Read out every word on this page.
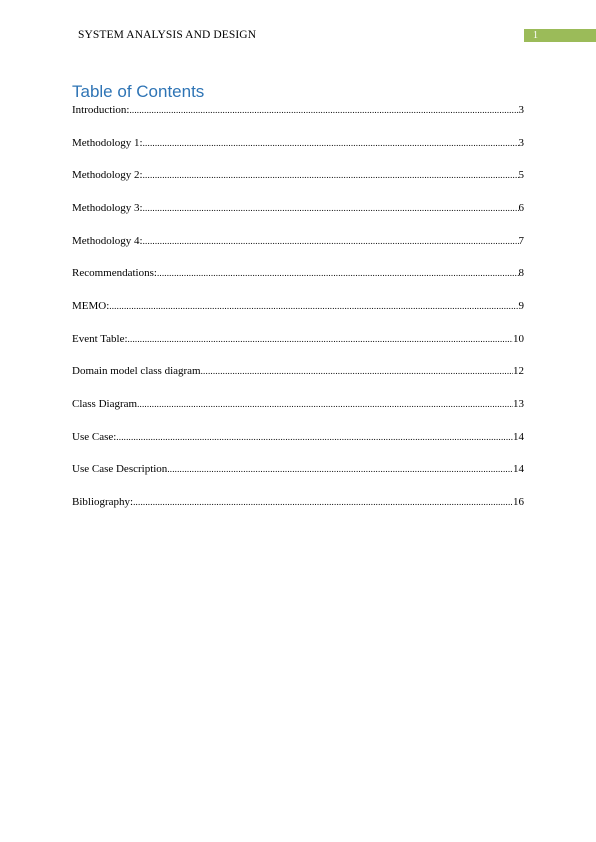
SYSTEM ANALYSIS AND DESIGN	1
Table of Contents
Introduction: .....	3
Methodology 1: .....	3
Methodology 2: .....	5
Methodology 3: .....	6
Methodology 4: .....	7
Recommendations: .....	8
MEMO: .....	9
Event Table: .....	10
Domain model class diagram .....	12
Class Diagram .....	13
Use Case: .....	14
Use Case Description .....	14
Bibliography: .....	16
